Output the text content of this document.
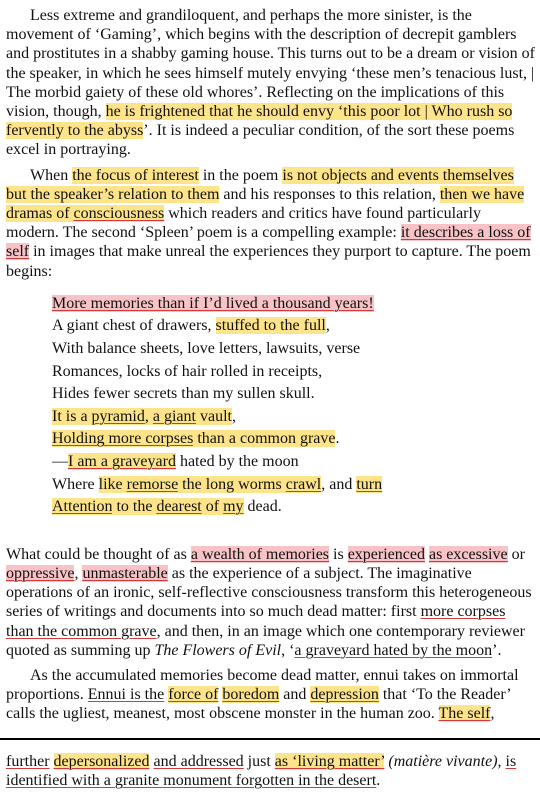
Less extreme and grandiloquent, and perhaps the more sinister, is the movement of ‘Gaming’, which begins with the description of decrepit gamblers and prostitutes in a shabby gaming house. This turns out to be a dream or vision of the speaker, in which he sees himself mutely envying ‘these men’s tenacious lust, | The morbid gaiety of these old whores’. Reflecting on the implications of this vision, though, he is frightened that he should envy ‘this poor lot | Who rush so fervently to the abyss’. It is indeed a peculiar condition, of the sort these poems excel in portraying.

When the focus of interest in the poem is not objects and events themselves but the speaker’s relation to them and his responses to this relation, then we have dramas of consciousness which readers and critics have found particularly modern. The second ‘Spleen’ poem is a compelling example: it describes a loss of self in images that make unreal the experiences they purport to capture. The poem begins:

More memories than if I’d lived a thousand years!
A giant chest of drawers, stuffed to the full,
With balance sheets, love letters, lawsuits, verse
Romances, locks of hair rolled in receipts,
Hides fewer secrets than my sullen skull.
It is a pyramid, a giant vault,
Holding more corpses than a common grave.
—I am a graveyard hated by the moon
Where like remorse the long worms crawl, and turn
Attention to the dearest of my dead.

What could be thought of as a wealth of memories is experienced as excessive or oppressive, unmasterable as the experience of a subject. The imaginative operations of an ironic, self-reflective consciousness transform this heterogeneous series of writings and documents into so much dead matter: first more corpses than the common grave, and then, in an image which one contemporary reviewer quoted as summing up The Flowers of Evil, ‘a graveyard hated by the moon’.

As the accumulated memories become dead matter, ennui takes on immortal proportions. Ennui is the force of boredom and depression that ‘To the Reader’ calls the ugliest, meanest, most obscene monster in the human zoo. The self,

further depersonalized and addressed just as ‘living matter’ (matière vivante), is identified with a granite monument forgotten in the desert.
